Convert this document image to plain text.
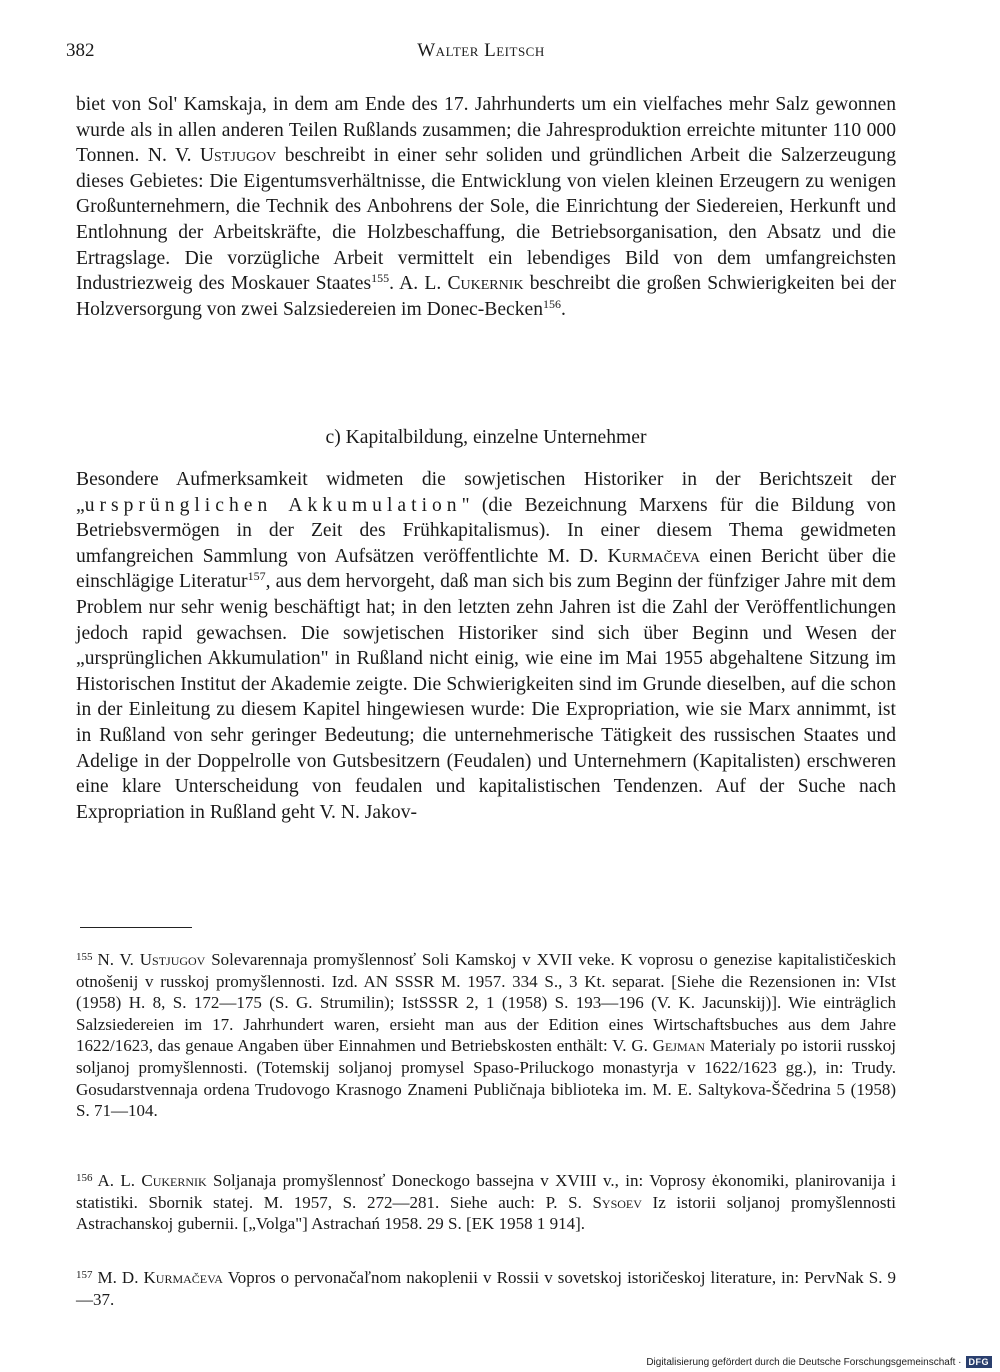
382	Walter Leitsch

biet von Sol' Kamskaja, in dem am Ende des 17. Jahrhunderts um ein vielfaches mehr Salz gewonnen wurde als in allen anderen Teilen Rußlands zusammen; die Jahresproduktion erreichte mitunter 110 000 Tonnen. N. V. Ustjugov beschreibt in einer sehr soliden und gründlichen Arbeit die Salzerzeugung dieses Gebietes: Die Eigentumsverhältnisse, die Entwicklung von vielen kleinen Erzeugern zu wenigen Großunternehmern, die Technik des Anbohrens der Sole, die Einrichtung der Siedereien, Herkunft und Entlohnung der Arbeitskräfte, die Holzbeschaffung, die Betriebsorganisation, den Absatz und die Ertragslage. Die vorzügliche Arbeit vermittelt ein lebendiges Bild von dem umfangreichsten Industriezweig des Moskauer Staates$^{155}$. A. L. Cukernik beschreibt die großen Schwierigkeiten bei der Holzversorgung von zwei Salzsiedereien im Donec-Becken$^{156}$.

c) Kapitalbildung, einzelne Unternehmer

Besondere Aufmerksamkeit widmeten die sowjetischen Historiker in der Berichtszeit der „ursprünglichen Akkumulation" (die Bezeichnung Marxens für die Bildung von Betriebsvermögen in der Zeit des Frühkapitalismus). In einer diesem Thema gewidmeten umfangreichen Sammlung von Aufsätzen veröffentlichte M. D. Kurmačeva einen Bericht über die einschlägige Literatur$^{157}$, aus dem hervorgeht, daß man sich bis zum Beginn der fünfziger Jahre mit dem Problem nur sehr wenig beschäftigt hat; in den letzten zehn Jahren ist die Zahl der Veröffentlichungen jedoch rapid gewachsen. Die sowjetischen Historiker sind sich über Beginn und Wesen der „ursprünglichen Akkumulation" in Rußland nicht einig, wie eine im Mai 1955 abgehaltene Sitzung im Historischen Institut der Akademie zeigte. Die Schwierigkeiten sind im Grunde dieselben, auf die schon in der Einleitung zu diesem Kapitel hingewiesen wurde: Die Expropriation, wie sie Marx annimmt, ist in Rußland von sehr geringer Bedeutung; die unternehmerische Tätigkeit des russischen Staates und Adelige in der Doppelrolle von Gutsbesitzern (Feudalen) und Unternehmern (Kapitalisten) erschweren eine klare Unterscheidung von feudalen und kapitalistischen Tendenzen. Auf der Suche nach Expropriation in Rußland geht V. N. Jakov-

$^{155}$ N. V. Ustjugov Solevarennaja promyšlennosť Soli Kamskoj v XVII veke. K voprosu o genezise kapitalističeskich otnošenij v russkoj promyšlennosti. Izd. AN SSSR M. 1957. 334 S., 3 Kt. separat. [Siehe die Rezensionen in: VIst (1958) H. 8, S. 172—175 (S. G. Strumilin); IstSSSR 2, 1 (1958) S. 193—196 (V. K. Jacunskij)]. Wie einträglich Salzsiedereien im 17. Jahrhundert waren, ersieht man aus der Edition eines Wirtschaftsbuches aus dem Jahre 1622/1623, das genaue Angaben über Einnahmen und Betriebskosten enthält: V. G. Gejman Materialy po istorii russkoj soljanoj promyšlennosti. (Totemskij soljanoj promysel Spaso-Priluckogo monastyrja v 1622/1623 gg.), in: Trudy. Gosudarstvennaja ordena Trudovogo Krasnogo Znameni Publičnaja biblioteka im. M. E. Saltykova-Ščedrina 5 (1958) S. 71—104.

$^{156}$ A. L. Cukernik Soljanaja promyšlennosť Doneckogo bassejna v XVIII v., in: Voprosy ėkonomiki, planirovanija i statistiki. Sbornik statej. M. 1957, S. 272—281. Siehe auch: P. S. Sysoev Iz istorii soljanoj promyšlennosti Astrachanskoj gubernii. [„Volga"] Astrachań 1958. 29 S. [EK 1958 1 914].

$^{157}$ M. D. Kurmačeva Vopros o pervonačaľnom nakoplenii v Rossii v sovetskoj istoričeskoj literature, in: PervNak S. 9—37.

Digitalisierung gefördert durch die Deutsche Forschungsgemeinschaft · DFG
